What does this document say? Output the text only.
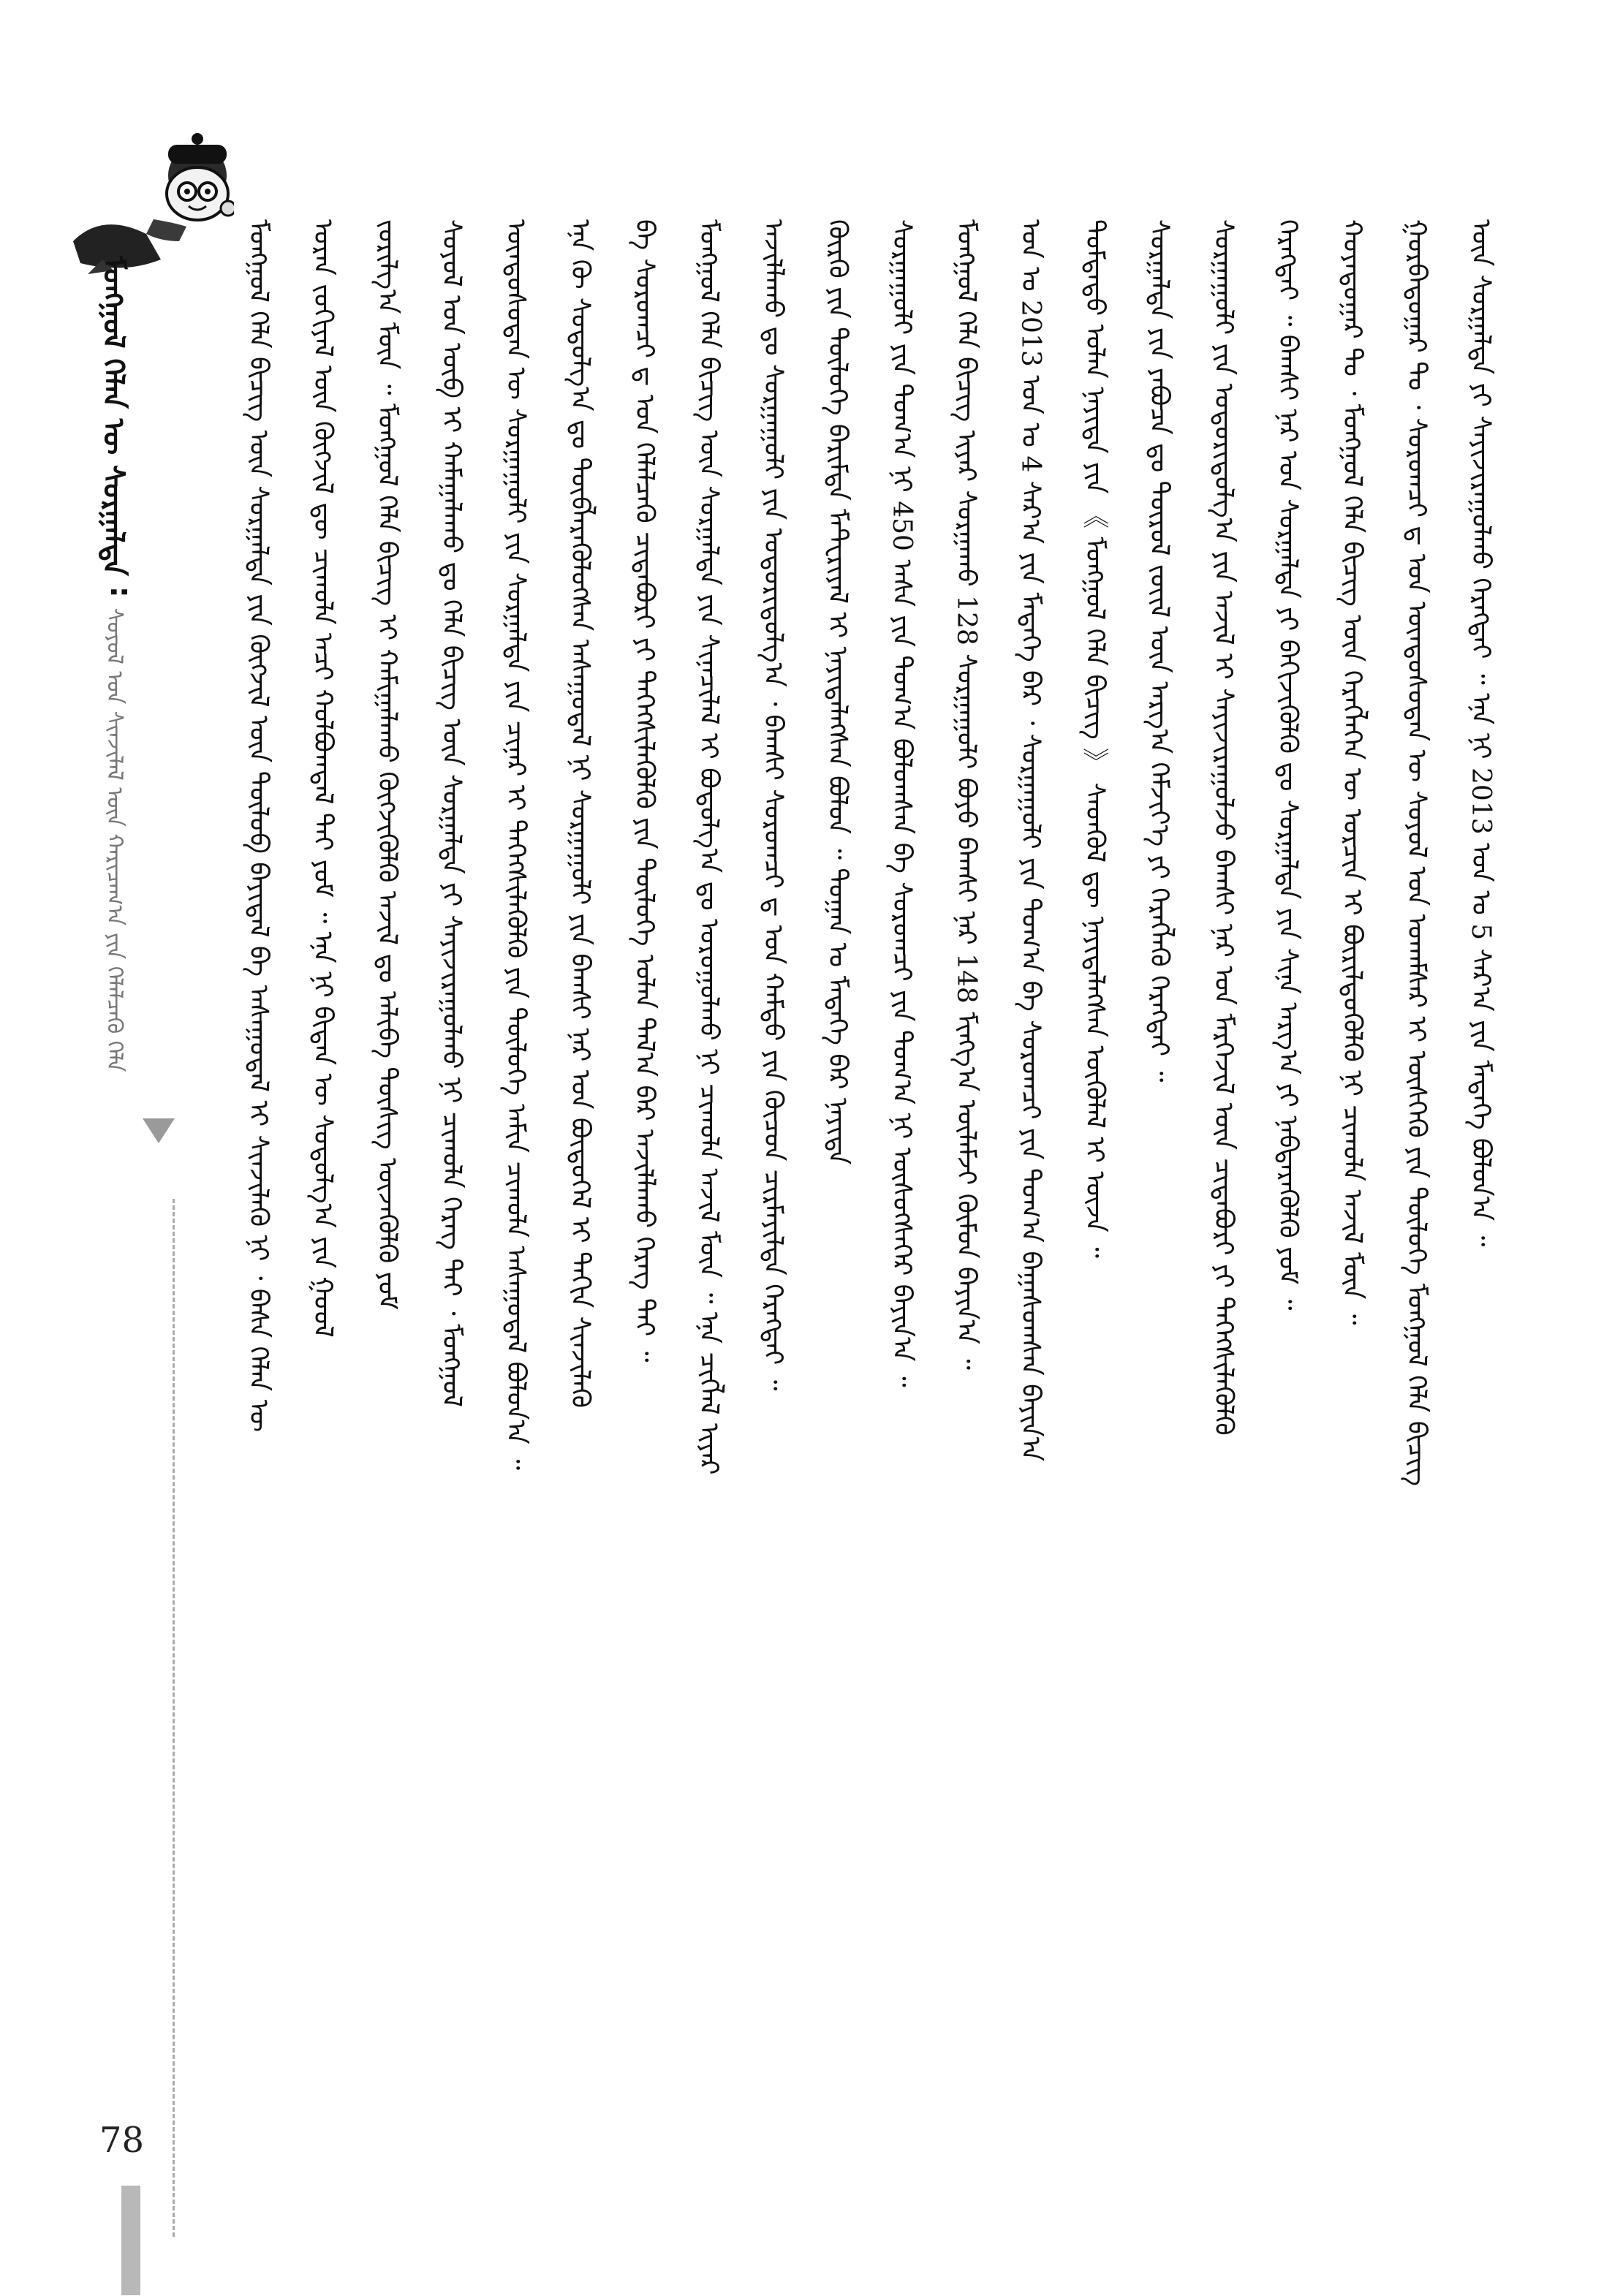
ᠮᠣᠩᠭᠣᠯ ᠬᠡᠯᠡᠨ ᠦ ᠰᠤᠷᠭᠠᠯᠲᠠ
:
ᠰᠣᠶᠣᠯ ᠤᠨ ᠰᠢᠨᠵᠢᠯᠡᠯ ᠦᠨ ᠬᠠᠷᠢᠴᠠᠭ᠎ᠠ ᠶᠢᠨ ᠬᠡᠯᠡᠯᠴᠡᠬᠦ ᠬᠡᠯᠡ	ᠮᠣᠩᠭᠣᠯ ᠬᠡᠯᠡ ᠪᠢᠴᠢᠭ ᠦᠨ ᠰᠤᠷᠭᠠᠯᠲᠠ ᠶᠢᠨ ᠬᠥᠭᠵᠢᠯ ᠦᠨ ᠲᠥᠯᠥᠪ ᠪᠠᠶᠢᠳᠠᠯ ᠪᠠ ᠠᠰᠠᠭᠤᠳᠠᠯ ᠢ ᠰᠢᠨᠵᠢᠯᠡᠬᠦ ᠨᠢ ᠂ ᠪᠠᠰᠠ ᠬᠡᠯᠡᠨ ᠦ	ᠤᠷᠠᠨ ᠵᠣᠬᠢᠶᠠᠯ ᠦᠨ ᠬᠥᠭᠵᠢᠯ ᠳᠦ ᠴᠢᠬᠤᠯᠠ ᠠᠴᠢ ᠬᠣᠯᠪᠣᠭᠳᠠᠯ ᠲᠠᠢ ᠶᠤᠮ ᠃ ᠡᠨᠡ ᠨᠢ ᠪᠢᠳᠡᠨ ᠦ ᠰᠤᠳᠤᠯᠭ᠎ᠠ ᠶᠢᠨ ᠭᠣᠣᠯ	ᠵᠣᠷᠢᠯᠭ᠎ᠠ ᠮᠥᠨ ᠃ ᠮᠣᠩᠭᠣᠯ ᠬᠡᠯᠡ ᠪᠢᠴᠢᠭ ᠢ ᠬᠠᠮᠢᠭᠠᠯᠠᠬᠤ ᠬᠥᠭᠵᠢᠭᠦᠯᠬᠦ ᠠᠵᠢᠯ ᠳᠤ ᠠᠯᠢᠪᠠ ᠲᠦᠰᠢᠭ ᠦᠵᠡᠭᠦᠯᠬᠦ ᠶᠤᠮ	ᠰᠣᠶᠣᠯ ᠤᠨ ᠥᠪ ᠢ ᠬᠠᠮᠠᠭᠠᠯᠠᠬᠤ ᠳᠤ ᠬᠡᠯᠡ ᠪᠢᠴᠢᠭ ᠦᠨ ᠰᠤᠷᠭᠠᠯᠲᠠ ᠶᠢ ᠰᠠᠶᠢᠵᠢᠷᠠᠭᠤᠯᠬᠤ ᠨᠢ ᠴᠢᠬᠤᠯᠠ ᠬᠡᠷᠡᠭ ᠲᠡᠢ ᠂ ᠮᠣᠩᠭᠣᠯ	ᠦᠨᠳᠦᠰᠦᠲᠡᠨ ᠦ ᠰᠤᠷᠭᠠᠭᠤᠯᠢ ᠶᠢᠨ ᠰᠤᠷᠭᠠᠯᠲᠠ ᠶᠢᠨ ᠴᠢᠨᠠᠷ ᠢ ᠳᠡᠭᠡᠭᠰᠢᠯᠡᠭᠦᠯᠬᠦ ᠶᠢᠨ ᠲᠥᠯᠥᠭᠡ ᠠᠮᠢᠨ ᠴᠢᠬᠤᠯᠠ ᠠᠰᠠᠭᠤᠳᠠᠯ ᠪᠣᠯᠤᠨ᠎ᠠ ᠃	ᠡᠨᠡ ᠬᠦ ᠰᠤᠳᠤᠯᠭ᠎ᠠ ᠳᠤ ᠲᠥᠪᠯᠡᠷᠡᠭᠦᠯᠦᠭᠰᠡᠨ ᠠᠰᠠᠭᠤᠳᠠᠯ ᠨᠢ ᠰᠤᠷᠭᠠᠭᠤᠯᠢ ᠶᠢᠨ ᠪᠠᠭᠰᠢ ᠨᠠᠷ ᠤᠨ ᠪᠦᠲᠦᠭᠡᠯ ᠢ ᠳᠠᠬᠢᠨ ᠰᠢᠨᠵᠢᠯᠡᠬᠦ	ᠪᠠ ᠰᠤᠷᠤᠭᠴᠢ ᠳ ᠤᠨ ᠬᠡᠯᠡᠯᠴᠡᠬᠦ ᠴᠢᠳᠠᠪᠤᠷᠢ ᠶᠢ ᠳᠡᠭᠡᠭᠰᠢᠯᠡᠭᠦᠯᠬᠦ ᠶᠢᠨ ᠲᠥᠯᠥᠭᠡ ᠣᠯᠠᠨ ᠲᠠᠯ᠎ᠠ ᠪᠠᠷ ᠠᠵᠢᠯᠯᠠᠬᠤ ᠬᠡᠷᠡᠭ ᠲᠡᠢ ᠃	ᠮᠣᠩᠭᠣᠯ ᠬᠡᠯᠡ ᠪᠢᠴᠢᠭ ᠦᠨ ᠰᠤᠷᠭᠠᠯᠲᠠ ᠶᠢᠨ ᠰᠢᠨᠡᠴᠢᠯᠡᠯ ᠢ ᠪᠣᠳᠤᠯᠭ᠎ᠠ ᠳᠤ ᠣᠷᠤᠭᠤᠯᠬᠤ ᠨᠢ ᠴᠢᠬᠤᠯᠠ ᠠᠵᠢᠯ ᠮᠥᠨ ᠃ ᠡᠨᠡ ᠴᠢᠭᠯᠡᠯ ᠢᠶᠡᠷ	ᠠᠵᠢᠯᠯᠠᠬᠤ ᠳᠤ ᠰᠤᠷᠭᠠᠭᠤᠯᠢ ᠶᠢᠨ ᠤᠳᠤᠷᠢᠳᠤᠯᠭ᠎ᠠ ᠂ ᠪᠠᠭᠰᠢ ᠰᠤᠷᠤᠭᠴᠢ ᠳ ᠤᠨ ᠬᠠᠮᠲᠤ ᠶᠢᠨ ᠬᠦᠴᠦᠨ ᠴᠢᠷᠮᠠᠶᠢᠯᠲᠠ ᠬᠡᠷᠡᠭᠲᠡᠶ ᠃	ᠬᠦᠷᠬᠦ ᠶᠢᠨ ᠲᠥᠯᠥᠭᠡ ᠪᠠᠷᠢᠮᠲᠠ ᠮᠠᠲ᠋ᠧᠷᠢᠶᠠᠯ ᠢ ᠨᠡᠶᠢᠲᠡᠯᠡᠭᠰᠡᠨ ᠪᠣᠯᠤᠨ ᠃ ᠲᠣᠭᠠᠨ ᠤ ᠮᠡᠳᠡᠭᠡ ᠪᠡᠷ ᠨᠡᠶᠢᠲᠡ	ᠰᠤᠷᠭᠠᠭᠤᠯᠢ ᠶᠢᠨ ᠲᠣᠭ᠎ᠠ ᠨᠢ 450 ᠠᠰᠠ ᠶᠢᠨ ᠲᠣᠭ᠎ᠠ ᠪᠣᠯᠤᠭᠰᠠᠨ ᠪᠠ ᠰᠤᠷᠤᠭᠴᠢ ᠶᠢᠨ ᠲᠣᠭ᠎ᠠ ᠨᠢ ᠥᠰᠦᠭᠰᠡᠭᠡᠷ ᠪᠠᠶᠢᠨ᠎ᠠ ᠃	ᠮᠣᠩᠭᠣᠯ ᠬᠡᠯᠡ ᠪᠢᠴᠢᠭ ᠢᠶᠡᠷ ᠰᠤᠷᠭᠠᠬᠤ 128 ᠰᠤᠷᠭᠠᠭᠤᠯᠢ ᠪᠤᠶᠤ ᠪᠠᠭᠰᠢ ᠨᠠᠷ 148 ᠮᠢᠩᠭ᠎ᠠ ᠦᠯᠡᠮᠵᠢ ᠬᠦᠮᠦᠨ ᠪᠠᠶᠢᠨ᠎ᠠ ᠃	ᠣᠨ ᠤ 2013 ᠣᠨ ᠤ 4 ᠰᠠᠷ᠎ᠠ ᠶᠢᠨ ᠮᠡᠳᠡᠭᠡ ᠪᠡᠷ ᠂ ᠰᠤᠷᠭᠠᠭᠤᠯᠢ ᠶᠢᠨ ᠲᠣᠭ᠎ᠠ ᠪᠠ ᠰᠤᠷᠤᠭᠴᠢ ᠶᠢᠨ ᠲᠣᠭ᠎ᠠ ᠪᠠᠭᠠᠰᠤᠭᠰᠠᠨ ᠪᠠᠶᠢᠨ᠎ᠠ	ᠳᠤᠮᠳᠠᠳᠤ ᠣᠯᠠᠨ ᠨᠡᠶᠢᠲᠡ ᠶᠢᠨ 《 ᠮᠣᠩᠭᠣᠯ ᠬᠡᠯᠡ ᠪᠢᠴᠢᠭ 》 ᠰᠡᠳᠬᠦᠯ ᠳᠦ ᠨᠡᠶᠢᠲᠡᠯᠡᠭᠰᠡᠨ ᠥᠭᠦᠯᠡᠯ ᠢ ᠦᠵᠡ ᠃	ᠰᠤᠷᠭᠠᠯᠲᠠ ᠶᠢᠨ ᠶᠠᠪᠤᠴᠠ ᠳᠤ ᠲᠥᠷᠥᠯ ᠵᠦᠢᠯ ᠦᠨ ᠠᠷᠭ᠎ᠠ ᠬᠡᠮᠵᠢᠶ᠎ᠡ ᠶᠢ ᠬᠡᠷᠡᠭᠯᠡᠬᠦ ᠬᠡᠷᠡᠭᠲᠡᠶ ᠃	ᠰᠤᠷᠭᠠᠭᠤᠯᠢ ᠶᠢᠨ ᠤᠳᠤᠷᠢᠳᠤᠯᠭ᠎ᠠ ᠶᠢᠨ ᠠᠵᠢᠯ ᠢ ᠰᠠᠶᠢᠵᠢᠷᠠᠭᠤᠯᠵᠤ ᠪᠠᠭᠰᠢ ᠨᠠᠷ ᠤᠨ ᠮᠡᠷᠭᠡᠵᠢᠯ ᠦᠨ ᠴᠢᠳᠠᠪᠤᠷᠢ ᠶᠢ ᠳᠡᠭᠡᠭᠰᠢᠯᠡᠭᠦᠯᠬᠦ	ᠬᠡᠷᠡᠭᠲᠡᠶ ᠃ ᠪᠠᠭᠰᠢ ᠨᠠᠷ ᠤᠨ ᠰᠤᠷᠭᠠᠯᠲᠠ ᠶᠢ ᠪᠡᠬᠢᠵᠢᠭᠦᠯᠬᠦ ᠳᠤ ᠰᠤᠷᠭᠠᠯᠲᠠ ᠶᠢᠨ ᠰᠢᠨᠡ ᠠᠷᠭ᠎ᠠ ᠶᠢ ᠨᠡᠪᠲᠡᠷᠡᠭᠦᠯᠬᠦ ᠶᠤᠮ ᠃	ᠬᠣᠶᠠᠳᠤᠭᠠᠷ ᠲᠤ ᠂ ᠮᠣᠩᠭᠣᠯ ᠬᠡᠯᠡ ᠪᠢᠴᠢᠭ ᠦᠨ ᠬᠡᠷᠡᠭᠯᠡᠭᠡᠨ ᠦ ᠣᠷᠴᠢᠨ ᠢ ᠪᠦᠷᠢᠯᠳᠦᠭᠦᠯᠬᠦ ᠨᠢ ᠴᠢᠬᠤᠯᠠ ᠠᠵᠢᠯ ᠮᠥᠨ ᠃	ᠭᠤᠷᠪᠠᠳᠤᠭᠠᠷ ᠲᠤ ᠂ ᠰᠤᠷᠤᠭᠴᠢ ᠳ ᠤᠨ ᠦᠨᠳᠦᠰᠦᠲᠡᠨ ᠦ ᠰᠣᠶᠣᠯ ᠤᠨ ᠤᠬᠠᠮᠰᠠᠷ ᠢ ᠥᠰᠬᠡᠬᠦ ᠶᠢᠨ ᠲᠥᠯᠥᠭᠡ ᠮᠣᠩᠭᠣᠯ ᠬᠡᠯᠡ ᠪᠢᠴᠢᠭ	ᠦᠨ ᠰᠤᠷᠭᠠᠯᠲᠠ ᠶᠢ ᠰᠠᠶᠢᠵᠢᠷᠠᠭᠤᠯᠬᠤ ᠬᠡᠷᠡᠭᠲᠡᠶ ᠃ ᠡᠨᠡ ᠨᠢ 2013 ᠣᠨ ᠤ 5 ᠰᠠᠷ᠎ᠠ ᠶᠢᠨ ᠮᠡᠳᠡᠭᠡ ᠪᠣᠯᠤᠨ᠎ᠠ ᠃
78
